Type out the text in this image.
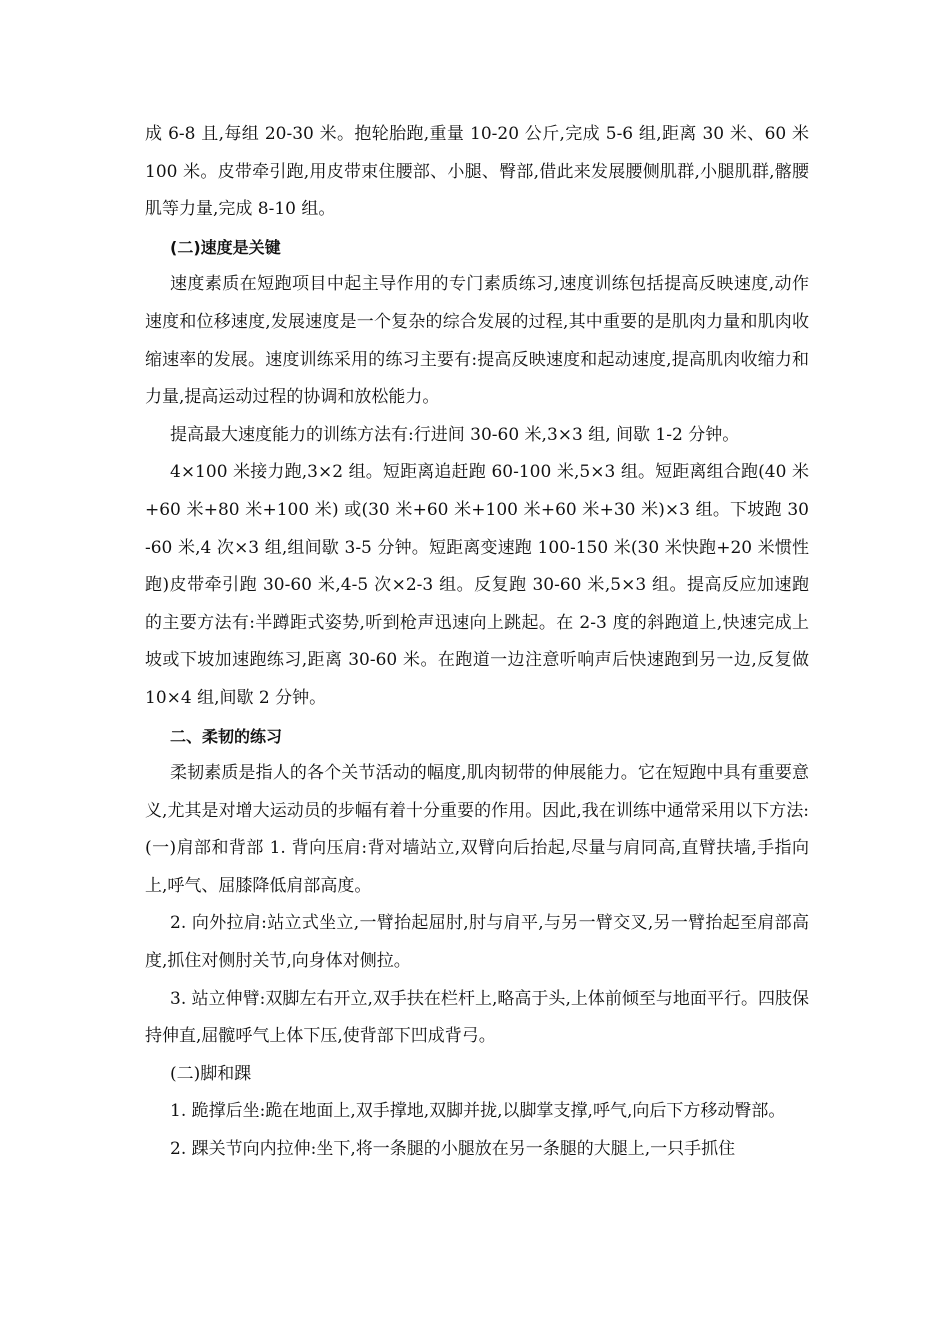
成 6-8 且,每组 20-30 米。抱轮胎跑,重量 10-20 公斤,完成 5-6 组,距离 30 米、60 米 100 米。皮带牵引跑,用皮带束住腰部、小腿、臀部,借此来发展腰侧肌群,小腿肌群,髂腰肌等力量,完成 8-10 组。

(二)速度是关键

速度素质在短跑项目中起主导作用的专门素质练习,速度训练包括提高反映速度,动作速度和位移速度,发展速度是一个复杂的综合发展的过程,其中重要的是肌肉力量和肌肉收缩速率的发展。速度训练采用的练习主要有:提高反映速度和起动速度,提高肌肉收缩力和力量,提高运动过程的协调和放松能力。

提高最大速度能力的训练方法有:行进间 30-60 米,3×3 组, 间歇 1-2 分钟。

4×100 米接力跑,3×2 组。短距离追赶跑 60-100 米,5×3 组。短距离组合跑(40 米+60 米+80 米+100 米) 或(30 米+60 米+100 米+60 米+30 米)×3 组。下坡跑 30-60 米,4 次×3 组,组间歇 3-5 分钟。短距离变速跑 100-150 米(30 米快跑+20 米惯性跑)皮带牵引跑 30-60 米,4-5 次×2-3 组。反复跑 30-60 米,5×3 组。提高反应加速跑的主要方法有:半蹲距式姿势,听到枪声迅速向上跳起。在 2-3 度的斜跑道上,快速完成上坡或下坡加速跑练习,距离 30-60 米。在跑道一边注意听响声后快速跑到另一边,反复做 10×4 组,间歇 2 分钟。

二、柔韧的练习

柔韧素质是指人的各个关节活动的幅度,肌肉韧带的伸展能力。它在短跑中具有重要意义,尤其是对增大运动员的步幅有着十分重要的作用。因此,我在训练中通常采用以下方法:(一)肩部和背部 1. 背向压肩:背对墙站立,双臂向后抬起,尽量与肩同高,直臂扶墙,手指向上,呼气、屈膝降低肩部高度。

2. 向外拉肩:站立式坐立,一臂抬起屈肘,肘与肩平,与另一臂交叉,另一臂抬起至肩部高度,抓住对侧肘关节,向身体对侧拉。

3. 站立伸臂:双脚左右开立,双手扶在栏杆上,略高于头,上体前倾至与地面平行。四肢保持伸直,屈髋呼气上体下压,使背部下凹成背弓。

(二)脚和踝

1. 跪撑后坐:跪在地面上,双手撑地,双脚并拢,以脚掌支撑,呼气,向后下方移动臀部。

2. 踝关节向内拉伸:坐下,将一条腿的小腿放在另一条腿的大腿上,一只手抓住
